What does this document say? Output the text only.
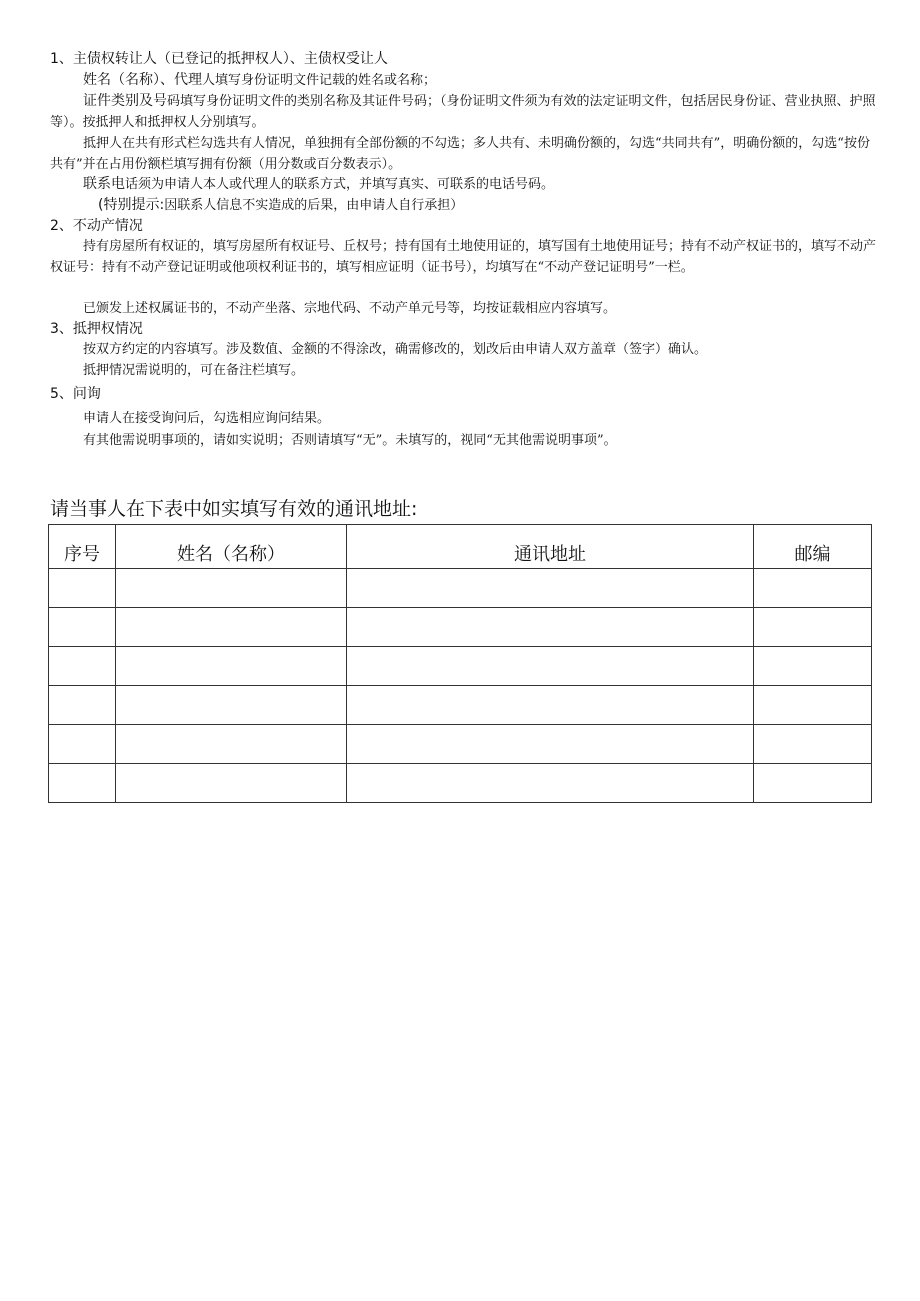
1、主债权转让人（已登记的抵押权人）、主债权受让人
姓名（名称）、代理人填写身份证明文件记载的姓名或名称；
证件类别及号码填写身份证明文件的类别名称及其证件号码；（身份证明文件须为有效的法定证明文件，包括居民身份证、营业执照、护照等）。按抵押人和抵押权人分别填写。
抵押人在共有形式栏勾选共有人情况，单独拥有全部份额的不勾选；多人共有、未明确份额的，勾选“共同共有”，明确份额的，勾选“按份共有”并在占用份额栏填写拥有份额（用分数或百分数表示）。
联系电话须为申请人本人或代理人的联系方式，并填写真实、可联系的电话号码。
(特别提示:因联系人信息不实造成的后果，由申请人自行承担）
2、不动产情况
持有房屋所有权证的，填写房屋所有权证号、丘权号；持有国有土地使用证的，填写国有土地使用证号；持有不动产权证书的，填写不动产权证号：持有不动产登记证明或他项权利证书的，填写相应证明（证书号），均填写在“不动产登记证明号”一栏。
已颁发上述权属证书的，不动产坐落、宗地代码、不动产单元号等，均按证载相应内容填写。
3、抵押权情况
按双方约定的内容填写。涉及数值、金额的不得涂改，确需修改的，划改后由申请人双方盖章（签字）确认。
抵押情况需说明的，可在备注栏填写。
5、问询
申请人在接受询问后，勾选相应询问结果。
有其他需说明事项的，请如实说明；否则请填写“无”。未填写的，视同“无其他需说明事项”。
请当事人在下表中如实填写有效的通讯地址:
序号	姓名（名称）	通讯地址	邮编
